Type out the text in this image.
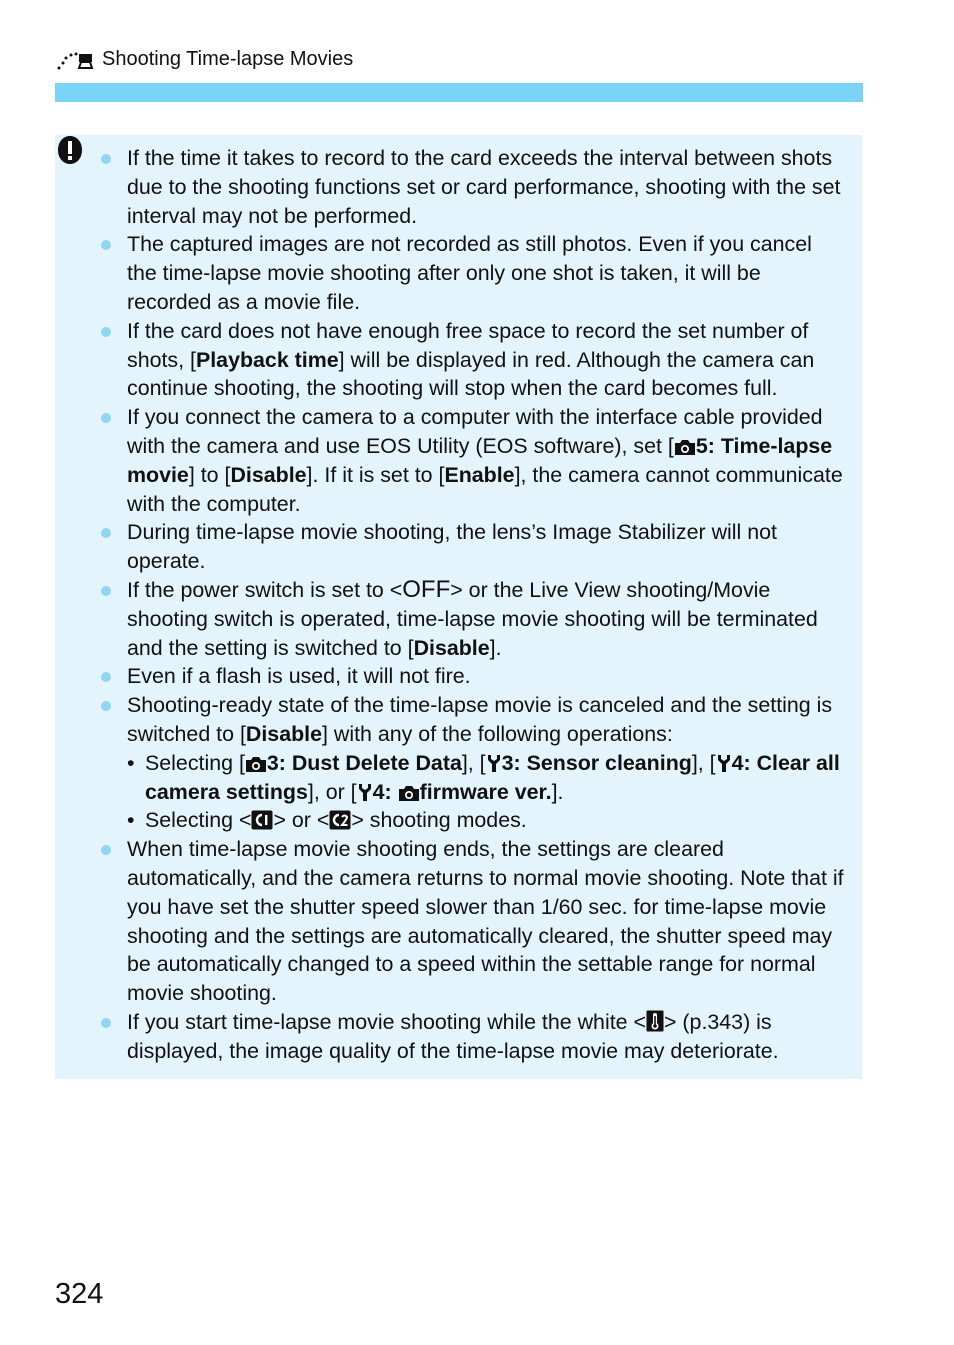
Shooting Time-lapse Movies
If the time it takes to record to the card exceeds the interval between shots due to the shooting functions set or card performance, shooting with the set interval may not be performed.
The captured images are not recorded as still photos. Even if you cancel the time-lapse movie shooting after only one shot is taken, it will be recorded as a movie file.
If the card does not have enough free space to record the set number of shots, [Playback time] will be displayed in red. Although the camera can continue shooting, the shooting will stop when the card becomes full.
If you connect the camera to a computer with the interface cable provided with the camera and use EOS Utility (EOS software), set [ 5: Time-lapse movie] to [Disable]. If it is set to [Enable], the camera cannot communicate with the computer.
During time-lapse movie shooting, the lens’s Image Stabilizer will not operate.
If the power switch is set to <OFF> or the Live View shooting/Movie shooting switch is operated, time-lapse movie shooting will be terminated and the setting is switched to [Disable].
Even if a flash is used, it will not fire.
Shooting-ready state of the time-lapse movie is canceled and the setting is switched to [Disable] with any of the following operations:
• Selecting [ 3: Dust Delete Data], [ 3: Sensor cleaning], [ 4: Clear all camera settings], or [ 4: firmware ver.].
• Selecting < > or < > shooting modes.
When time-lapse movie shooting ends, the settings are cleared automatically, and the camera returns to normal movie shooting. Note that if you have set the shutter speed slower than 1/60 sec. for time-lapse movie shooting and the settings are automatically cleared, the shutter speed may be automatically changed to a speed within the settable range for normal movie shooting.
If you start time-lapse movie shooting while the white < > (p.343) is displayed, the image quality of the time-lapse movie may deteriorate.
324
